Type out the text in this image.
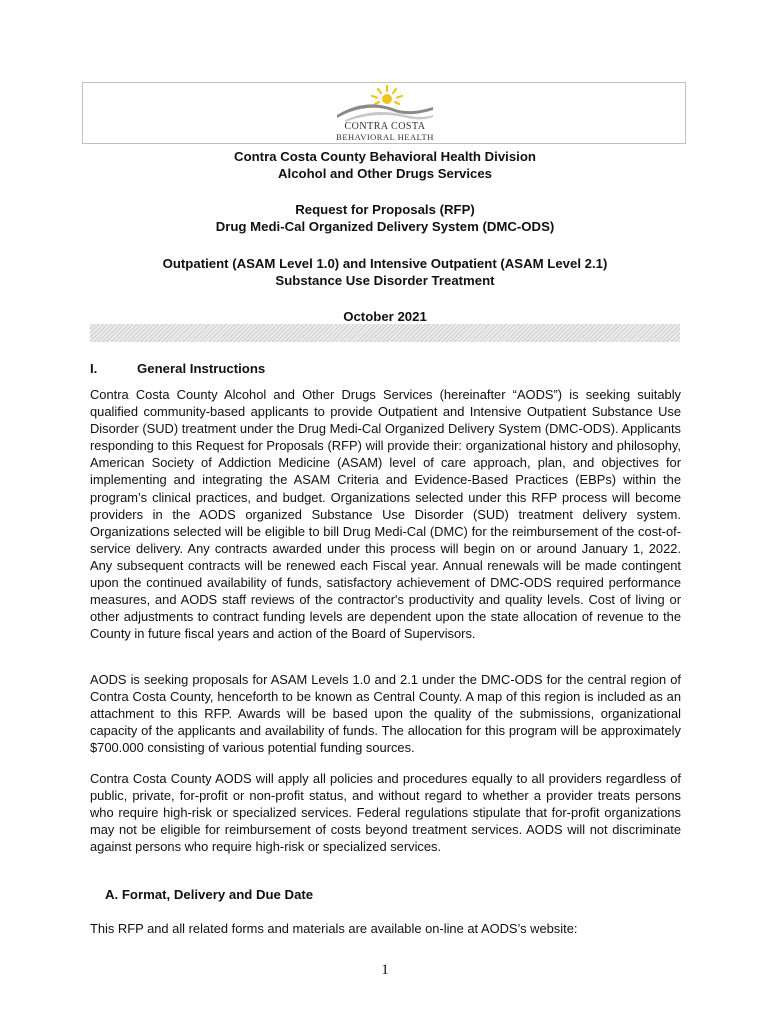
CONTRA COSTA
BEHAVIORAL HEALTH
Contra Costa County Behavioral Health Division
Alcohol and Other Drugs Services
Request for Proposals (RFP)
Drug Medi-Cal Organized Delivery System (DMC-ODS)
Outpatient (ASAM Level 1.0) and Intensive Outpatient (ASAM Level 2.1)
Substance Use Disorder Treatment
October 2021
I.	General Instructions

Contra Costa County Alcohol and Other Drugs Services (hereinafter “AODS”) is seeking suitably qualified community-based applicants to provide Outpatient and Intensive Outpatient Substance Use Disorder (SUD) treatment under the Drug Medi-Cal Organized Delivery System (DMC-ODS). Applicants responding to this Request for Proposals (RFP) will provide their: organizational history and philosophy, American Society of Addiction Medicine (ASAM) level of care approach, plan, and objectives for implementing and integrating the ASAM Criteria and Evidence-Based Practices (EBPs) within the program’s clinical practices, and budget. Organizations selected under this RFP process will become providers in the AODS organized Substance Use Disorder (SUD) treatment delivery system. Organizations selected will be eligible to bill Drug Medi-Cal (DMC) for the reimbursement of the cost-of-service delivery. Any contracts awarded under this process will begin on or around January 1, 2022. Any subsequent contracts will be renewed each Fiscal year. Annual renewals will be made contingent upon the continued availability of funds, satisfactory achievement of DMC-ODS required performance measures, and AODS staff reviews of the contractor's productivity and quality levels. Cost of living or other adjustments to contract funding levels are dependent upon the state allocation of revenue to the County in future fiscal years and action of the Board of Supervisors.

AODS is seeking proposals for ASAM Levels 1.0 and 2.1 under the DMC-ODS for the central region of Contra Costa County, henceforth to be known as Central County. A map of this region is included as an attachment to this RFP. Awards will be based upon the quality of the submissions, organizational capacity of the applicants and availability of funds. The allocation for this program will be approximately $700.000 consisting of various potential funding sources.

Contra Costa County AODS will apply all policies and procedures equally to all providers regardless of public, private, for-profit or non-profit status, and without regard to whether a provider treats persons who require high-risk or specialized services. Federal regulations stipulate that for-profit organizations may not be eligible for reimbursement of costs beyond treatment services. AODS will not discriminate against persons who require high-risk or specialized services.

A. Format, Delivery and Due Date

This RFP and all related forms and materials are available on-line at AODS’s website:

1
